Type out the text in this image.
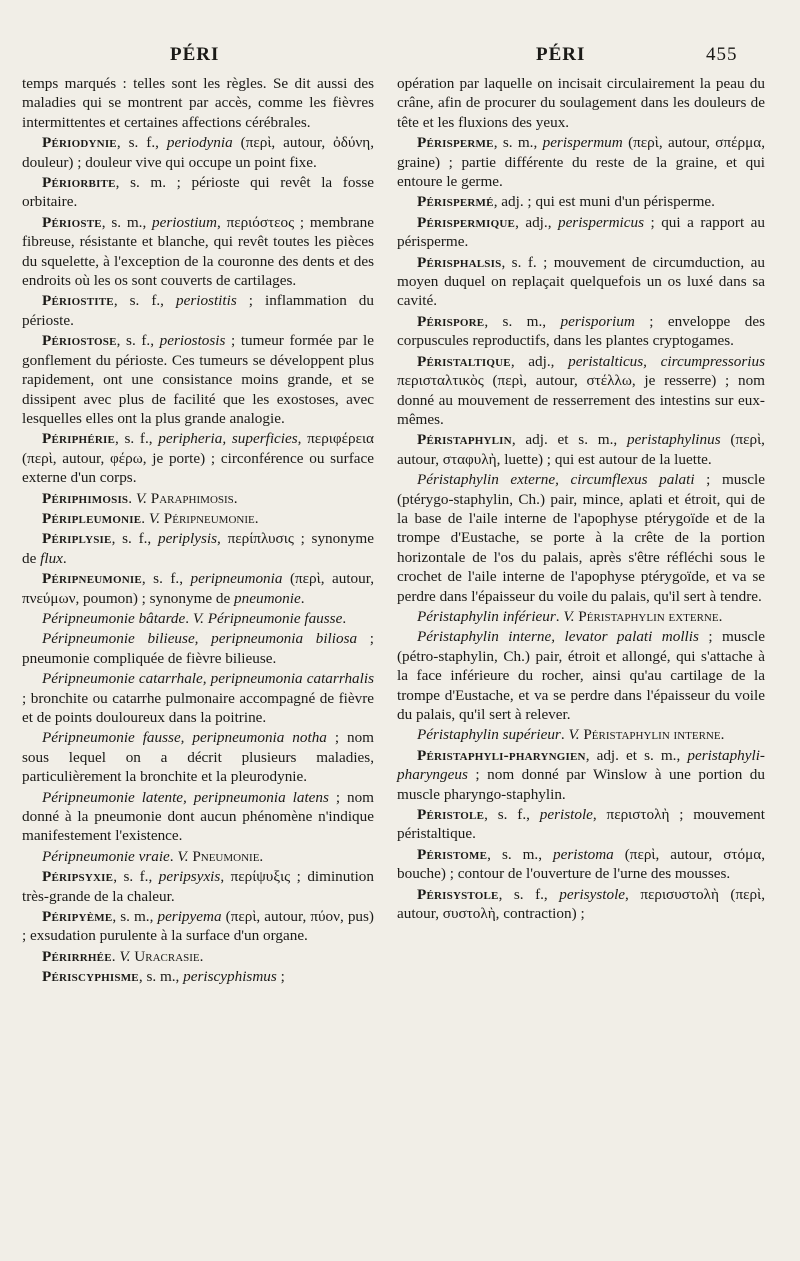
PÉRI	PÉRI	455

temps marqués : telles sont les règles. Se dit aussi des maladies qui se montrent par accès, comme les fièvres intermittentes et certaines affections cérébrales.

Périodynie, s. f., periodynia (περὶ, autour, ὀδύνη, douleur) ; douleur vive qui occupe un point fixe.

Périorbite, s. m. ; périoste qui revêt la fosse orbitaire.

Périoste, s. m., periostium, περιόστεος ; membrane fibreuse, résistante et blanche, qui revêt toutes les pièces du squelette, à l'exception de la couronne des dents et des endroits où les os sont couverts de cartilages.

Périostite, s. f., periostitis ; inflammation du périoste.

Périostose, s. f., periostosis ; tumeur formée par le gonflement du périoste. Ces tumeurs se développent plus rapidement, ont une consistance moins grande, et se dissipent avec plus de facilité que les exostoses, avec lesquelles elles ont la plus grande analogie.

Périphérie, s. f., peripheria, superficies, περιφέρεια (περὶ, autour, φέρω, je porte) ; circonférence ou surface externe d'un corps.

Périphimosis. V. Paraphimosis.

Péripleumonie. V. Péripneumonie.

Périplysie, s. f., periplysis, περίπλυσις ; synonyme de flux.

Péripneumonie, s. f., peripneumonia (περὶ, autour, πνεύμων, poumon) ; synonyme de pneumonie.

Péripneumonie bâtarde. V. Péripneumonie fausse.

Péripneumonie bilieuse, peripneumonia biliosa ; pneumonie compliquée de fièvre bilieuse.

Péripneumonie catarrhale, peripneumonia catarrhalis ; bronchite ou catarrhe pulmonaire accompagné de fièvre et de points douloureux dans la poitrine.

Péripneumonie fausse, peripneumonia notha ; nom sous lequel on a décrit plusieurs maladies, particulièrement la bronchite et la pleurodynie.

Péripneumonie latente, peripneumonia latens ; nom donné à la pneumonie dont aucun phénomène n'indique manifestement l'existence.

Péripneumonie vraie. V. Pneumonie.

Péripsyxie, s. f., peripsyxis, περίψυξις ; diminution très-grande de la chaleur.

Péripyème, s. m., peripyema (περὶ, autour, πύον, pus) ; exsudation purulente à la surface d'un organe.

Périrrhée. V. Uracrasie.

Périscyphisme, s. m., periscyphismus ;

opération par laquelle on incisait circulairement la peau du crâne, afin de procurer du soulagement dans les douleurs de tête et les fluxions des yeux.

Périsperme, s. m., perispermum (περὶ, autour, σπέρμα, graine) ; partie différente du reste de la graine, et qui entoure le germe.

Périspermé, adj. ; qui est muni d'un périsperme.

Périspermique, adj., perispermicus ; qui a rapport au périsperme.

Périsphalsis, s. f. ; mouvement de circumduction, au moyen duquel on replaçait quelquefois un os luxé dans sa cavité.

Périspore, s. m., perisporium ; enveloppe des corpuscules reproductifs, dans les plantes cryptogames.

Péristaltique, adj., peristalticus, circumpressorius περισταλτικὸς (περὶ, autour, στέλλω, je resserre) ; nom donné au mouvement de resserrement des intestins sur eux-mêmes.

Péristaphylin, adj. et s. m., peristaphylinus (περὶ, autour, σταφυλὴ, luette) ; qui est autour de la luette.

Péristaphylin externe, circumflexus palati ; muscle (ptérygo-staphylin, Ch.) pair, mince, aplati et étroit, qui de la base de l'aile interne de l'apophyse ptérygoïde et de la trompe d'Eustache, se porte à la crête de la portion horizontale de l'os du palais, après s'être réfléchi sous le crochet de l'aile interne de l'apophyse ptérygoïde, et va se perdre dans l'épaisseur du voile du palais, qu'il sert à tendre.

Péristaphylin inférieur. V. Péristaphylin externe.

Péristaphylin interne, levator palati mollis ; muscle (pétro-staphylin, Ch.) pair, étroit et allongé, qui s'attache à la face inférieure du rocher, ainsi qu'au cartilage de la trompe d'Eustache, et va se perdre dans l'épaisseur du voile du palais, qu'il sert à relever.

Péristaphylin supérieur. V. Péristaphylin interne.

Péristaphyli-pharyngien, adj. et s. m., peristaphyli-pharyngeus ; nom donné par Winslow à une portion du muscle pharyngo-staphylin.

Péristole, s. f., peristole, περιστολὴ ; mouvement péristaltique.

Péristome, s. m., peristoma (περὶ, autour, στόμα, bouche) ; contour de l'ouverture de l'urne des mousses.

Périsystole, s. f., perisystole, περισυστολὴ (περὶ, autour, συστολὴ, contraction) ;
